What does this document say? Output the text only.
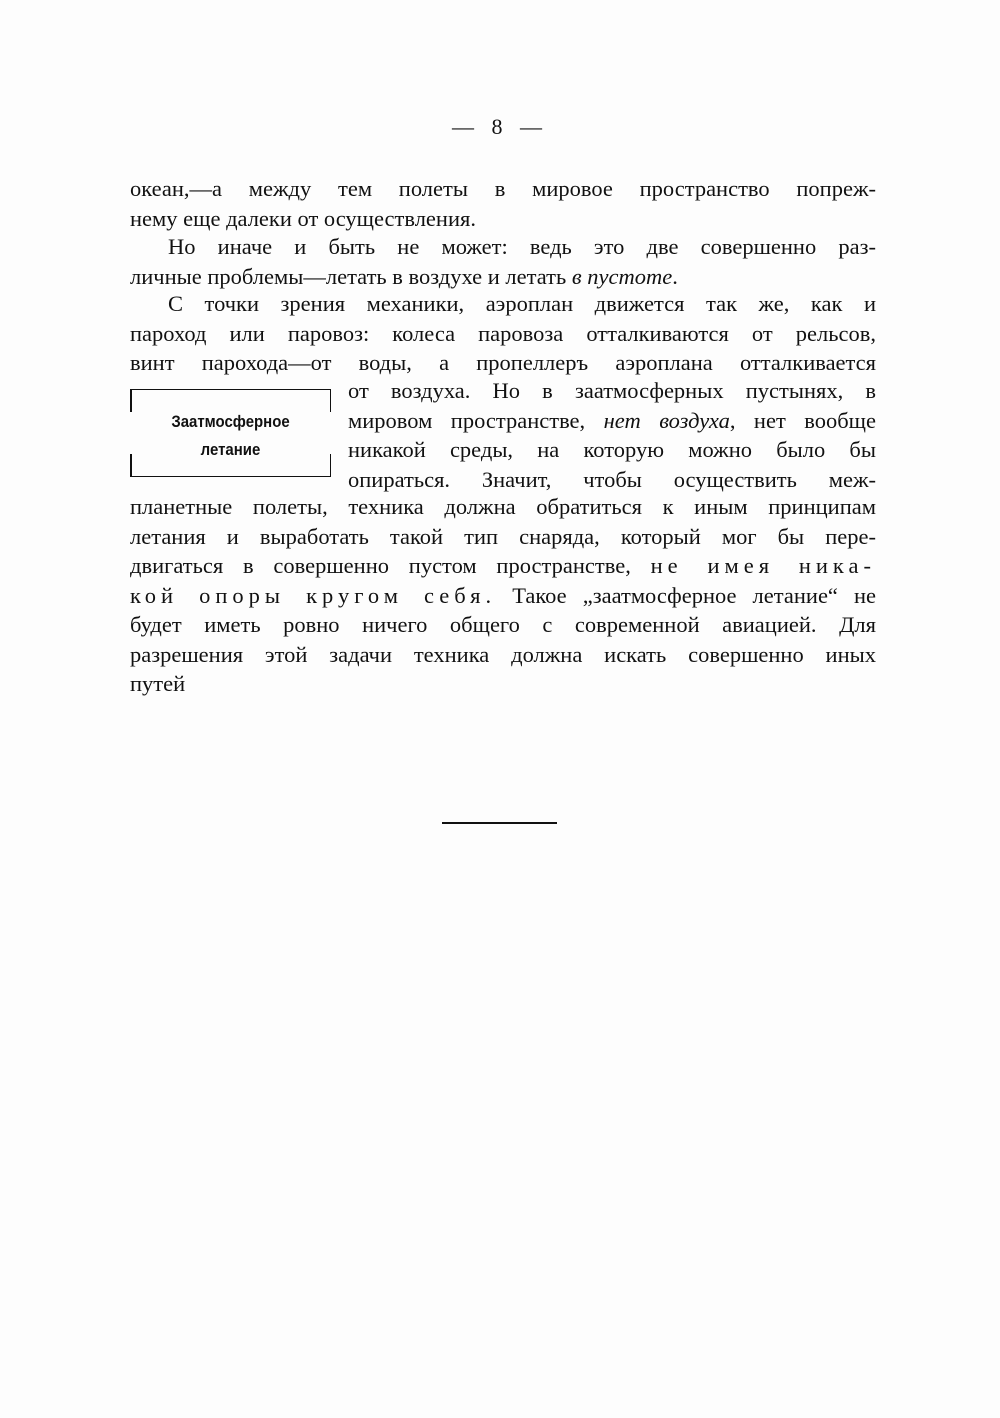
— 8 —
океан,—а между тем полеты в мировое пространство попреж-
нему еще далеки от осуществления.
Но иначе и быть не может: ведь это две совершенно раз-
личные проблемы—летать в воздухе и летать в пустоте.
С точки зрения механики, аэроплан движется так же, как и
пароход или паровоз: колеса паровоза отталкиваются от рельсов,
винт парохода—от воды, а пропеллеръ аэроплана отталкивается
Заатмосферное
летание
от воздуха. Но в заатмосферных пустынях, в
мировом пространстве, нет воздуха, нет вообще
никакой среды, на которую можно было бы
опираться. Значит, чтобы осуществить меж-
планетные полеты, техника должна обратиться к иным принципам
летания и выработать такой тип снаряда, который мог бы пере-
двигаться в совершенно пустом пространстве, не имея ника-
кой опоры кругом себя. Такое „заатмосферное летание“ не
будет иметь ровно ничего общего с современной авиацией. Для
разрешения этой задачи техника должна искать совершенно иных
путей
